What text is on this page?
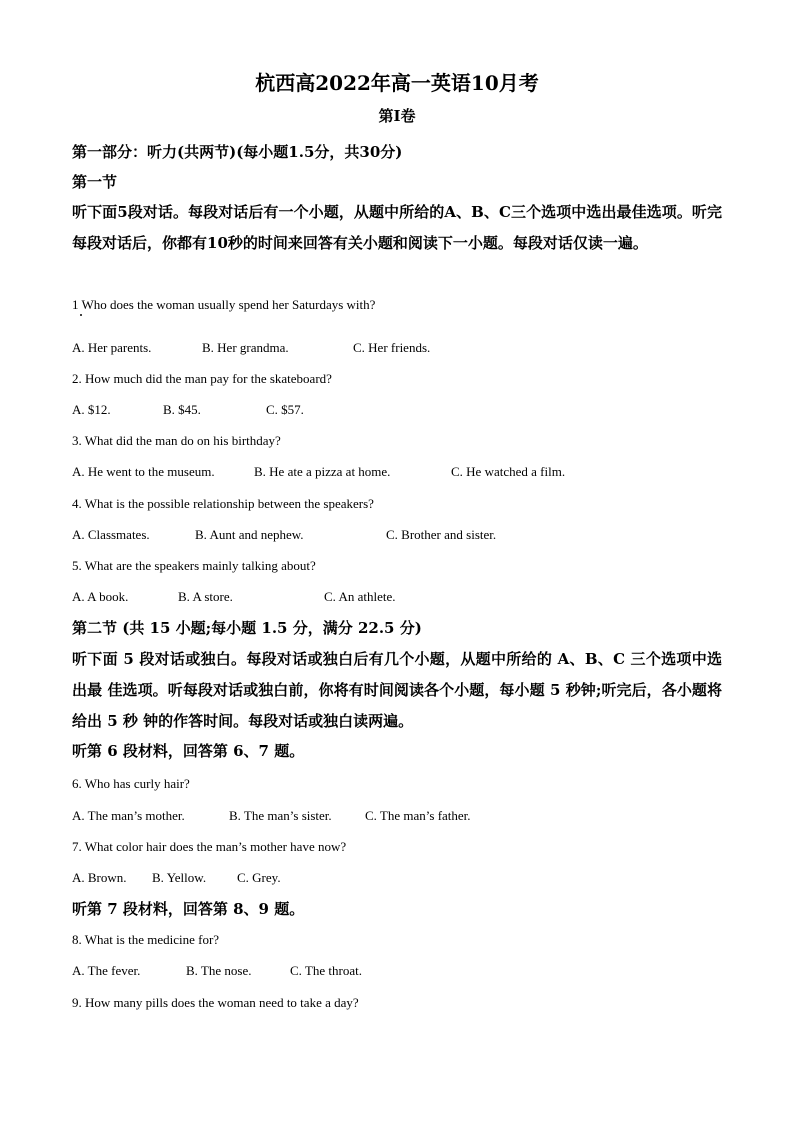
杭西高2022年高一英语10月考
第Ⅰ卷
第一部分：听力(共两节)(每小题1.5分，共30分)
第一节
听下面5段对话。每段对话后有一个小题，从题中所给的A、B、C三个选项中选出最佳选项。听完每段对话后，你都有10秒的时间来回答有关小题和阅读下一小题。每段对话仅读一遍。
1 Who does the woman usually spend her Saturdays with?
A. Her parents.	B. Her grandma.	C. Her friends.
2. How much did the man pay for the skateboard?
A. $12.	B. $45.	C. $57.
3. What did the man do on his birthday?
A. He went to the museum.	B. He ate a pizza at home.	C. He watched a film.
4. What is the possible relationship between the speakers?
A. Classmates.	B. Aunt and nephew.	C. Brother and sister.
5. What are the speakers mainly talking about?
A. A book.	B. A store.	C. An athlete.
第二节 (共 15 小题;每小题 1.5 分，满分 22.5 分)
听下面 5 段对话或独白。每段对话或独白后有几个小题，从题中所给的 A、B、C 三个选项中选出最 佳选项。听每段对话或独白前，你将有时间阅读各个小题，每小题 5 秒钟;听完后，各小题将给出 5 秒 钟的作答时间。每段对话或独白读两遍。
听第 6 段材料，回答第 6、7 题。
6. Who has curly hair?
A. The man’s mother.	B. The man’s sister.	C. The man’s father.
7. What color hair does the man’s mother have now?
A. Brown. B. Yellow. C. Grey.
听第 7 段材料，回答第 8、9 题。
8. What is the medicine for?
A. The fever.	B. The nose.	C. The throat.
9. How many pills does the woman need to take a day?
